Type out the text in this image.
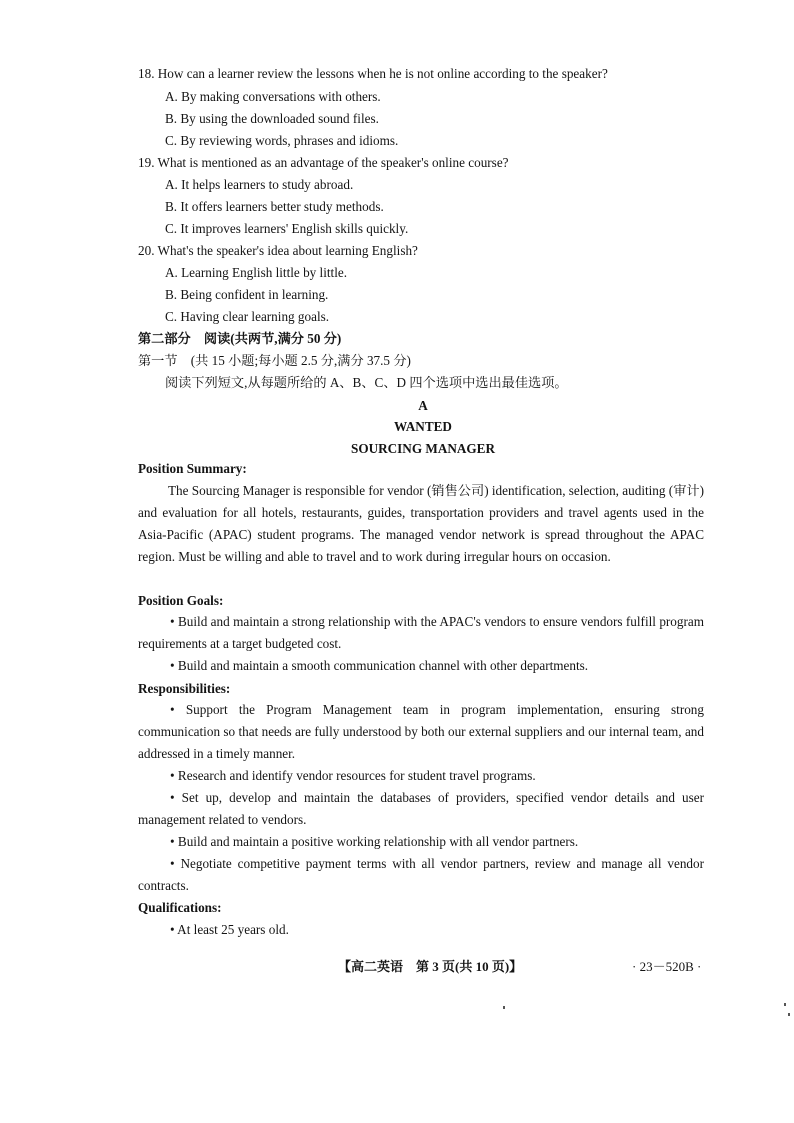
18. How can a learner review the lessons when he is not online according to the speaker?
A. By making conversations with others.
B. By using the downloaded sound files.
C. By reviewing words, phrases and idioms.
19. What is mentioned as an advantage of the speaker's online course?
A. It helps learners to study abroad.
B. It offers learners better study methods.
C. It improves learners' English skills quickly.
20. What's the speaker's idea about learning English?
A. Learning English little by little.
B. Being confident in learning.
C. Having clear learning goals.
第二部分　阅读(共两节,满分 50 分)
第一节　(共 15 小题;每小题 2.5 分,满分 37.5 分)
阅读下列短文,从每题所给的 A、B、C、D 四个选项中选出最佳选项。
A
WANTED
SOURCING MANAGER
Position Summary:
The Sourcing Manager is responsible for vendor (销售公司) identification, selection, auditing (审计) and evaluation for all hotels, restaurants, guides, transportation providers and travel agents used in the Asia-Pacific (APAC) student programs. The managed vendor network is spread throughout the APAC region. Must be willing and able to travel and to work during irregular hours on occasion.
Position Goals:
• Build and maintain a strong relationship with the APAC's vendors to ensure vendors fulfill program requirements at a target budgeted cost.
• Build and maintain a smooth communication channel with other departments.
Responsibilities:
• Support the Program Management team in program implementation, ensuring strong communication so that needs are fully understood by both our external suppliers and our internal team, and addressed in a timely manner.
• Research and identify vendor resources for student travel programs.
• Set up, develop and maintain the databases of providers, specified vendor details and user management related to vendors.
• Build and maintain a positive working relationship with all vendor partners.
• Negotiate competitive payment terms with all vendor partners, review and manage all vendor contracts.
Qualifications:
• At least 25 years old.
【高二英语　第 3 页(共 10 页)】	· 23－520B ·
